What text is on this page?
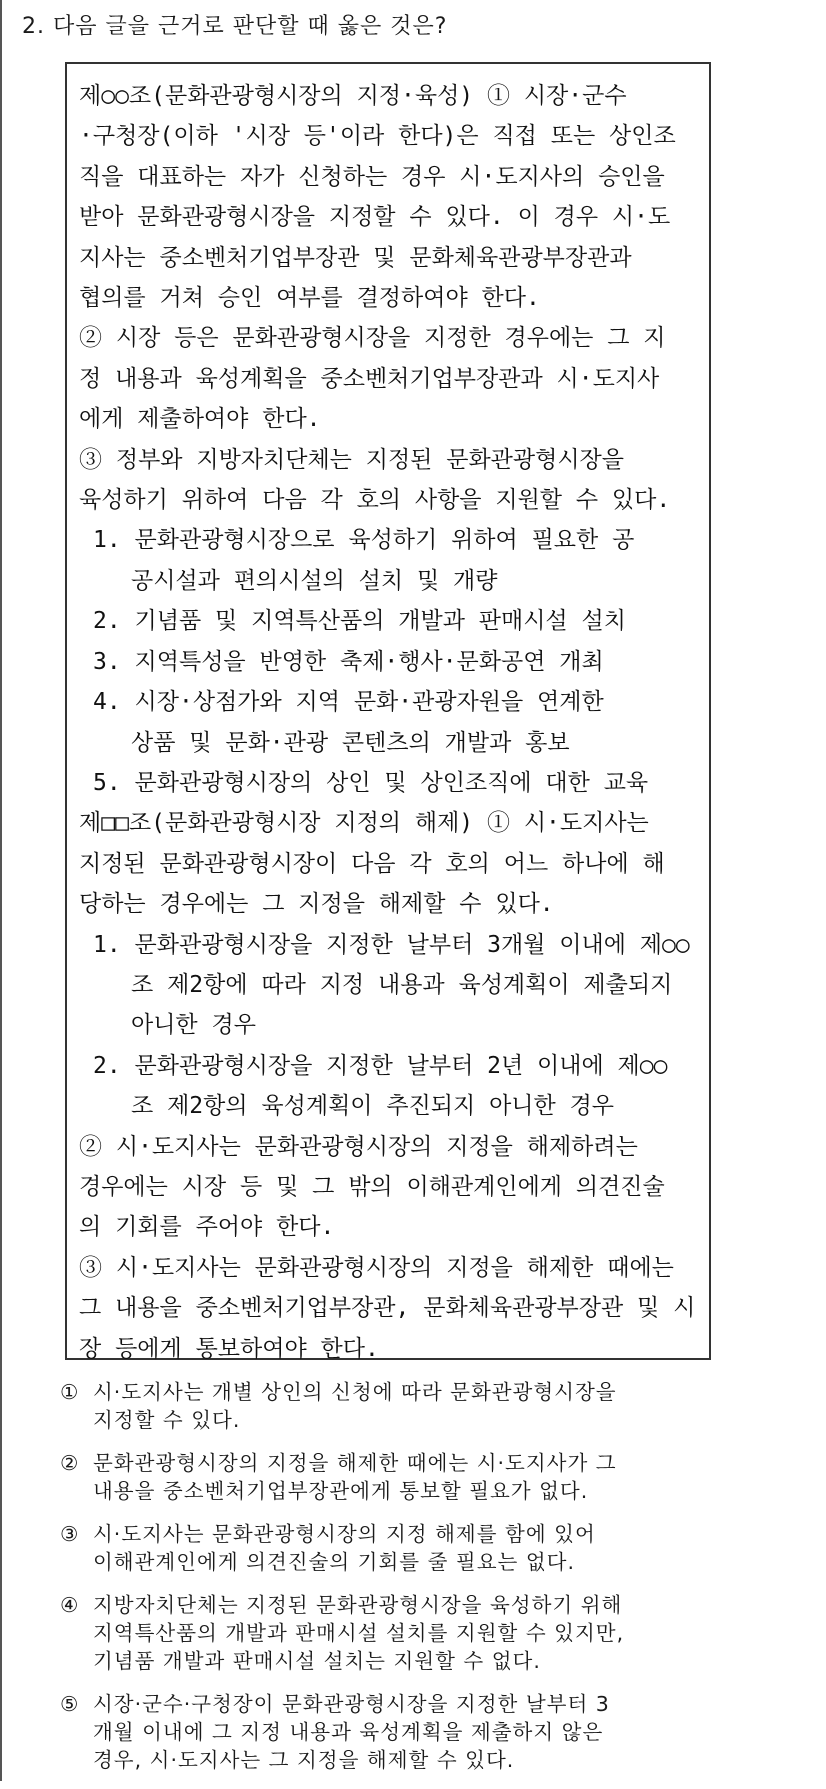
2. 다음 글을 근거로 판단할 때 옳은 것은?
제○○조(문화관광형시장의 지정·육성) ① 시장·군수
·구청장(이하 '시장 등'이라 한다)은 직접 또는 상인조
직을 대표하는 자가 신청하는 경우 시·도지사의 승인을
받아 문화관광형시장을 지정할 수 있다. 이 경우 시·도
지사는 중소벤처기업부장관 및 문화체육관광부장관과
협의를 거쳐 승인 여부를 결정하여야 한다.
② 시장 등은 문화관광형시장을 지정한 경우에는 그 지
정 내용과 육성계획을 중소벤처기업부장관과 시·도지사
에게 제출하여야 한다.
③ 정부와 지방자치단체는 지정된 문화관광형시장을
육성하기 위하여 다음 각 호의 사항을 지원할 수 있다.
1. 문화관광형시장으로 육성하기 위하여 필요한 공
공시설과 편의시설의 설치 및 개량
2. 기념품 및 지역특산품의 개발과 판매시설 설치
3. 지역특성을 반영한 축제·행사·문화공연 개최
4. 시장·상점가와 지역 문화·관광자원을 연계한
상품 및 문화·관광 콘텐츠의 개발과 홍보
5. 문화관광형시장의 상인 및 상인조직에 대한 교육
제□□조(문화관광형시장 지정의 해제) ① 시·도지사는
지정된 문화관광형시장이 다음 각 호의 어느 하나에 해
당하는 경우에는 그 지정을 해제할 수 있다.
1. 문화관광형시장을 지정한 날부터 3개월 이내에 제○○
조 제2항에 따라 지정 내용과 육성계획이 제출되지
아니한 경우
2. 문화관광형시장을 지정한 날부터 2년 이내에 제○○
조 제2항의 육성계획이 추진되지 아니한 경우
② 시·도지사는 문화관광형시장의 지정을 해제하려는
경우에는 시장 등 및 그 밖의 이해관계인에게 의견진술
의 기회를 주어야 한다.
③ 시·도지사는 문화관광형시장의 지정을 해제한 때에는
그 내용을 중소벤처기업부장관, 문화체육관광부장관 및 시
장 등에게 통보하여야 한다.
① 시·도지사는 개별 상인의 신청에 따라 문화관광형시장을
지정할 수 있다.
② 문화관광형시장의 지정을 해제한 때에는 시·도지사가 그
내용을 중소벤처기업부장관에게 통보할 필요가 없다.
③ 시·도지사는 문화관광형시장의 지정 해제를 함에 있어
이해관계인에게 의견진술의 기회를 줄 필요는 없다.
④ 지방자치단체는 지정된 문화관광형시장을 육성하기 위해
지역특산품의 개발과 판매시설 설치를 지원할 수 있지만,
기념품 개발과 판매시설 설치는 지원할 수 없다.
⑤ 시장·군수·구청장이 문화관광형시장을 지정한 날부터 3
개월 이내에 그 지정 내용과 육성계획을 제출하지 않은
경우, 시·도지사는 그 지정을 해제할 수 있다.
